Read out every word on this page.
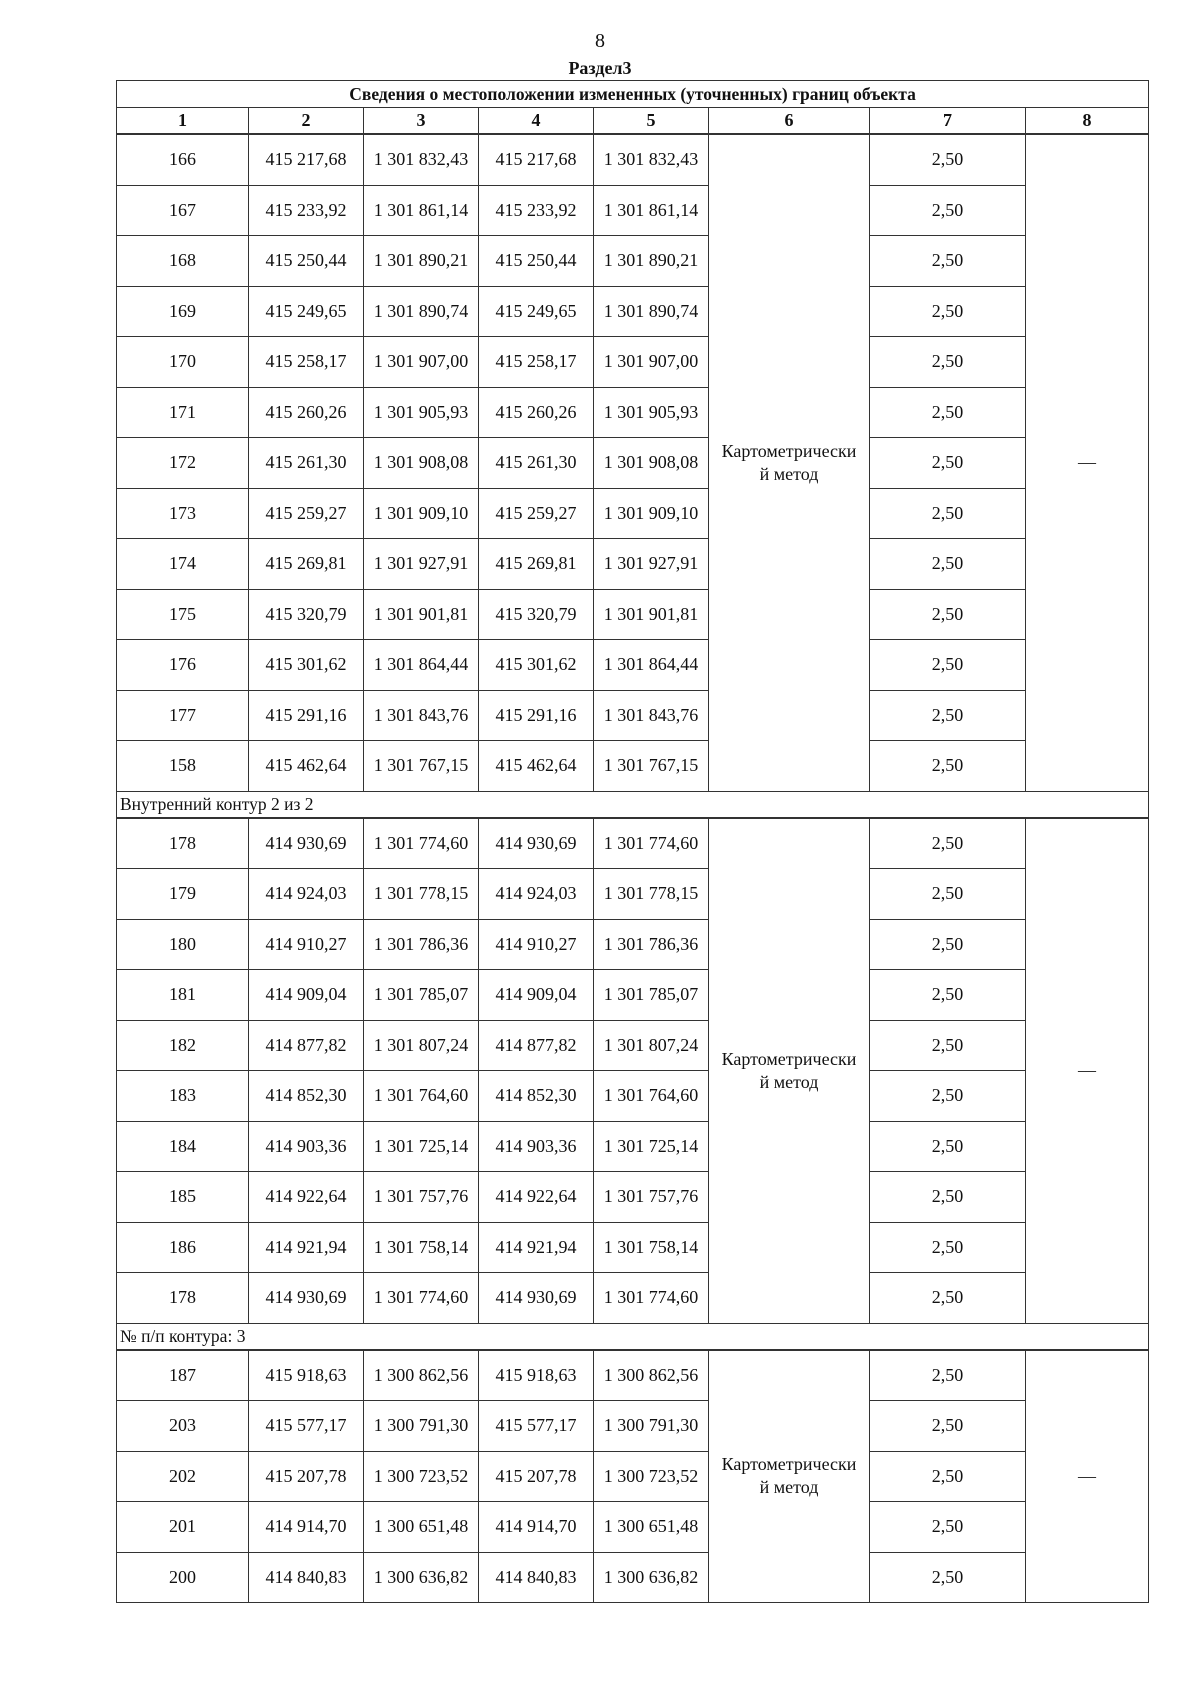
8
Раздел3
Сведения о местоположении измененных (уточненных) границ объекта							
1	2	3	4	5	6	7	8
166	415 217,68	1 301 832,43	415 217,68	1 301 832,43	Картометрически
й метод	2,50	—
167	415 233,92	1 301 861,14	415 233,92	1 301 861,14		2,50	
168	415 250,44	1 301 890,21	415 250,44	1 301 890,21		2,50	
169	415 249,65	1 301 890,74	415 249,65	1 301 890,74		2,50	
170	415 258,17	1 301 907,00	415 258,17	1 301 907,00		2,50	
171	415 260,26	1 301 905,93	415 260,26	1 301 905,93		2,50	
172	415 261,30	1 301 908,08	415 261,30	1 301 908,08		2,50	
173	415 259,27	1 301 909,10	415 259,27	1 301 909,10		2,50	
174	415 269,81	1 301 927,91	415 269,81	1 301 927,91		2,50	
175	415 320,79	1 301 901,81	415 320,79	1 301 901,81		2,50	
176	415 301,62	1 301 864,44	415 301,62	1 301 864,44		2,50	
177	415 291,16	1 301 843,76	415 291,16	1 301 843,76		2,50	
158	415 462,64	1 301 767,15	415 462,64	1 301 767,15		2,50	
Внутренний контур 2 из 2							
178	414 930,69	1 301 774,60	414 930,69	1 301 774,60	Картометрически
й метод	2,50	—
179	414 924,03	1 301 778,15	414 924,03	1 301 778,15		2,50	
180	414 910,27	1 301 786,36	414 910,27	1 301 786,36		2,50	
181	414 909,04	1 301 785,07	414 909,04	1 301 785,07		2,50	
182	414 877,82	1 301 807,24	414 877,82	1 301 807,24		2,50	
183	414 852,30	1 301 764,60	414 852,30	1 301 764,60		2,50	
184	414 903,36	1 301 725,14	414 903,36	1 301 725,14		2,50	
185	414 922,64	1 301 757,76	414 922,64	1 301 757,76		2,50	
186	414 921,94	1 301 758,14	414 921,94	1 301 758,14		2,50	
178	414 930,69	1 301 774,60	414 930,69	1 301 774,60		2,50	
№ п/п контура: 3							
187	415 918,63	1 300 862,56	415 918,63	1 300 862,56	Картометрически
й метод	2,50	—
203	415 577,17	1 300 791,30	415 577,17	1 300 791,30		2,50	
202	415 207,78	1 300 723,52	415 207,78	1 300 723,52		2,50	
201	414 914,70	1 300 651,48	414 914,70	1 300 651,48		2,50	
200	414 840,83	1 300 636,82	414 840,83	1 300 636,82		2,50	
